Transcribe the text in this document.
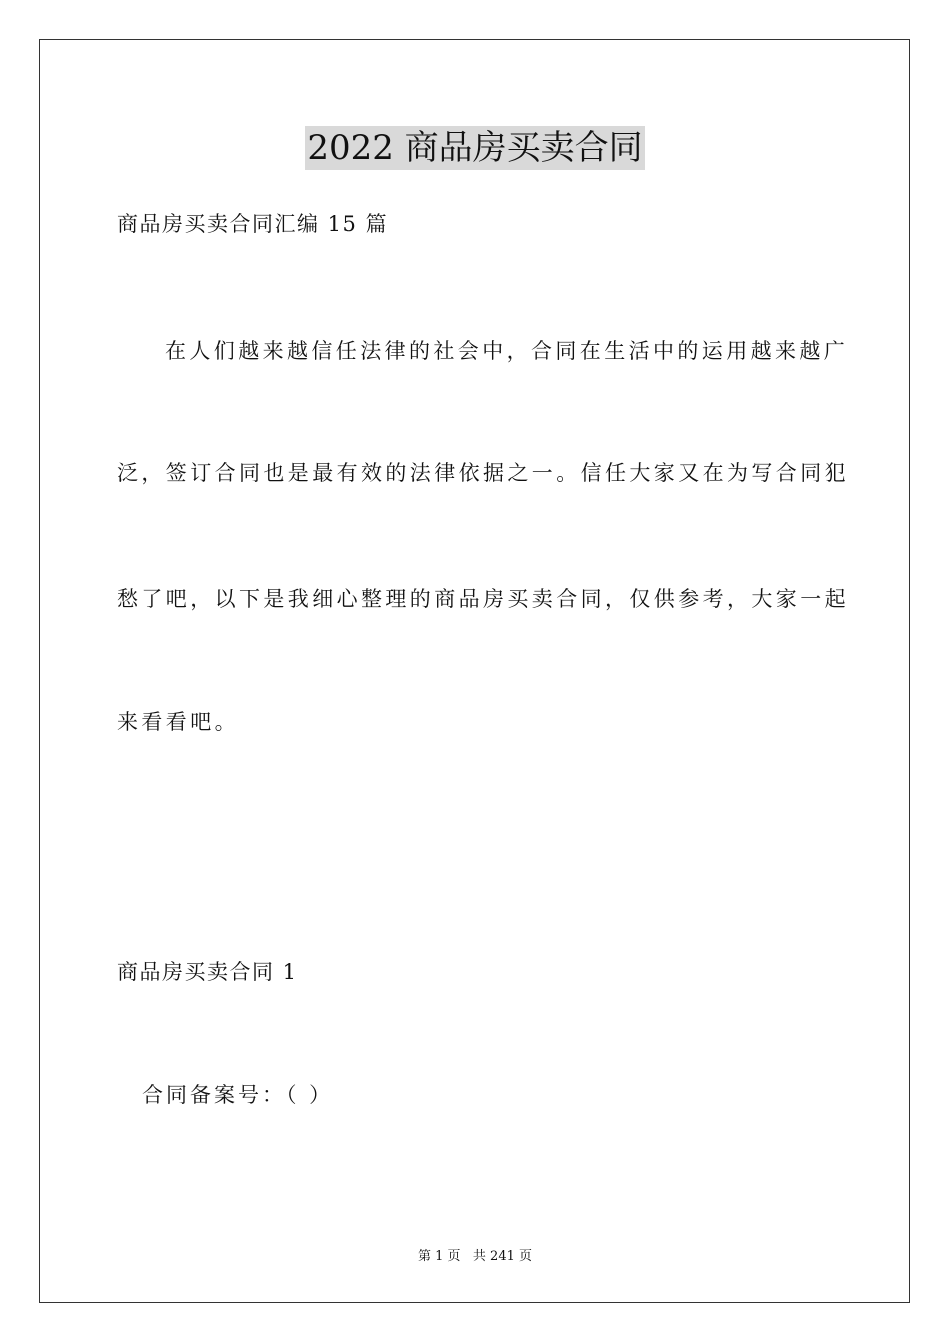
2022 商品房买卖合同
商品房买卖合同汇编 15 篇
在人们越来越信任法律的社会中，合同在生活中的运用越来越广
泛，签订合同也是最有效的法律依据之一。信任大家又在为写合同犯
愁了吧，以下是我细心整理的商品房买卖合同，仅供参考，大家一起
来看看吧。
商品房买卖合同 1
合同备案号：（ ）
第 1 页   共 241 页
